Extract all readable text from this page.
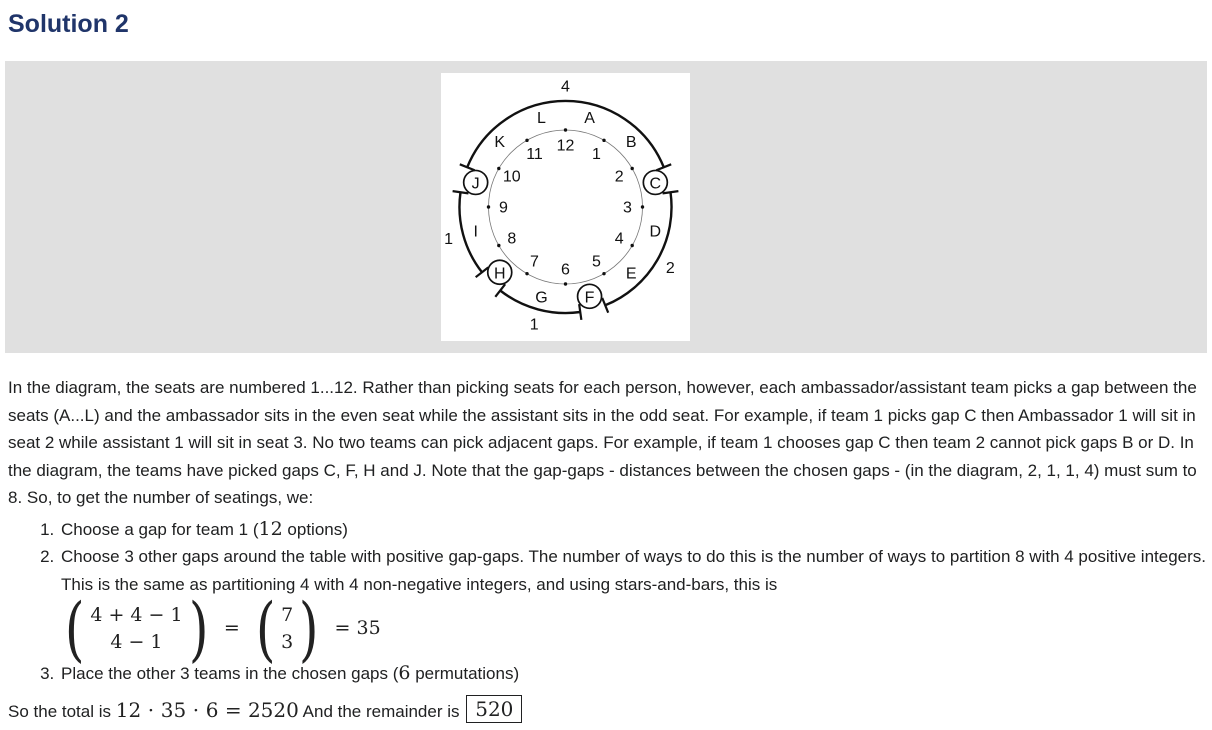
Solution 2
12 1
2
3
4
5
6
7
8
9
10
11
A
B
C
D
E
F
G
H
I
J
K
L
4
2
1
1

In the diagram, the seats are numbered 1...12. Rather than picking seats for each person, however, each ambassador/assistant team picks a gap between the seats (A...L) and the ambassador sits in the even seat while the assistant sits in the odd seat. For example, if team 1 picks gap C then Ambassador 1 will sit in seat 2 while assistant 1 will sit in seat 3. No two teams can pick adjacent gaps. For example, if team 1 chooses gap C then team 2 cannot pick gaps B or D. In the diagram, the teams have picked gaps C, F, H and J. Note that the gap-gaps - distances between the chosen gaps - (in the diagram, 2, 1, 1, 4) must sum to 8. So, to get the number of seatings, we:

1. Choose a gap for team 1 (12 options)
2. Choose 3 other gaps around the table with positive gap-gaps. The number of ways to do this is the number of ways to partition 8 with 4 positive integers. This is the same as partitioning 4 with 4 non-negative integers, and using stars-and-bars, this is
( 4 + 4 − 1
4 − 1 ) = ( 7
3 ) = 35
3. Place the other 3 teams in the chosen gaps (6 permutations)

So the total is 12 ⋅ 35 ⋅ 6 = 2520 And the remainder is 520
